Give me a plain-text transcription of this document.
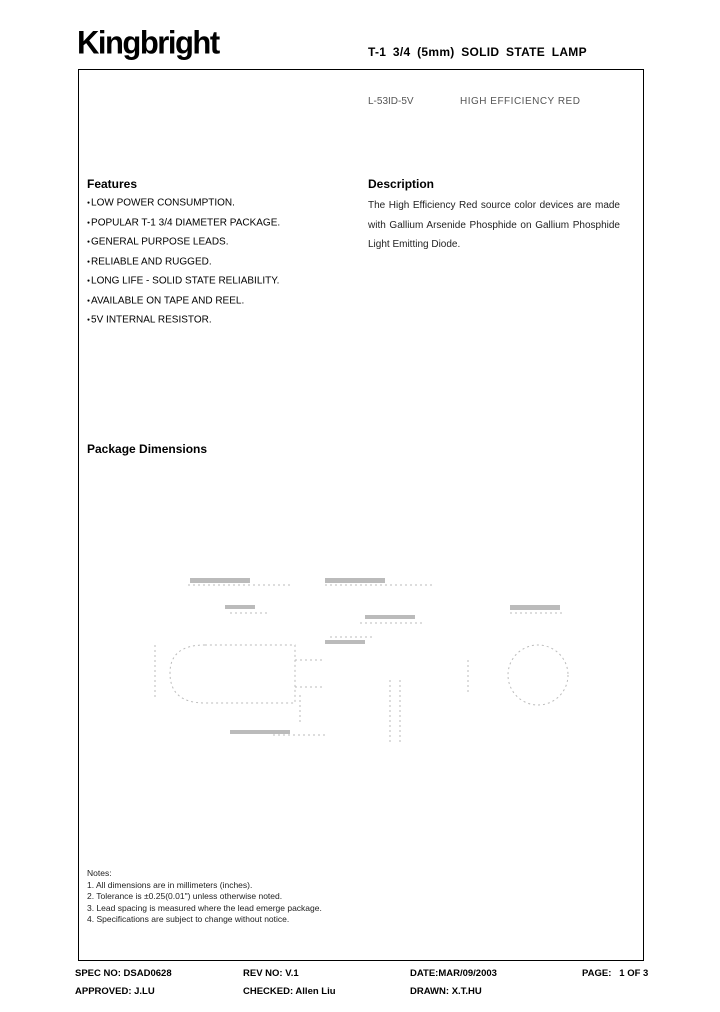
Kingbright	T-1 3/4 (5mm) SOLID STATE LAMP
L-53ID-5V	HIGH EFFICIENCY RED
Features
● LOW POWER CONSUMPTION.
● POPULAR T-1 3/4 DIAMETER PACKAGE.
● GENERAL PURPOSE LEADS.
● RELIABLE AND RUGGED.
● LONG LIFE - SOLID STATE RELIABILITY.
● AVAILABLE ON TAPE AND REEL.
● 5V INTERNAL RESISTOR.
Description
The High Efficiency Red source color devices are made with Gallium Arsenide Phosphide on Gallium Phosphide Light Emitting Diode.
Package Dimensions
Notes:
1. All dimensions are in millimeters (inches).
2. Tolerance is ±0.25(0.01") unless otherwise noted.
3. Lead spacing is measured where the lead emerge package.
4. Specifications are subject to change without notice.
SPEC NO: DSAD0628	REV NO: V.1	DATE:MAR/09/2003	PAGE:   1 OF 3
APPROVED: J.LU	CHECKED: Allen Liu	DRAWN: X.T.HU
